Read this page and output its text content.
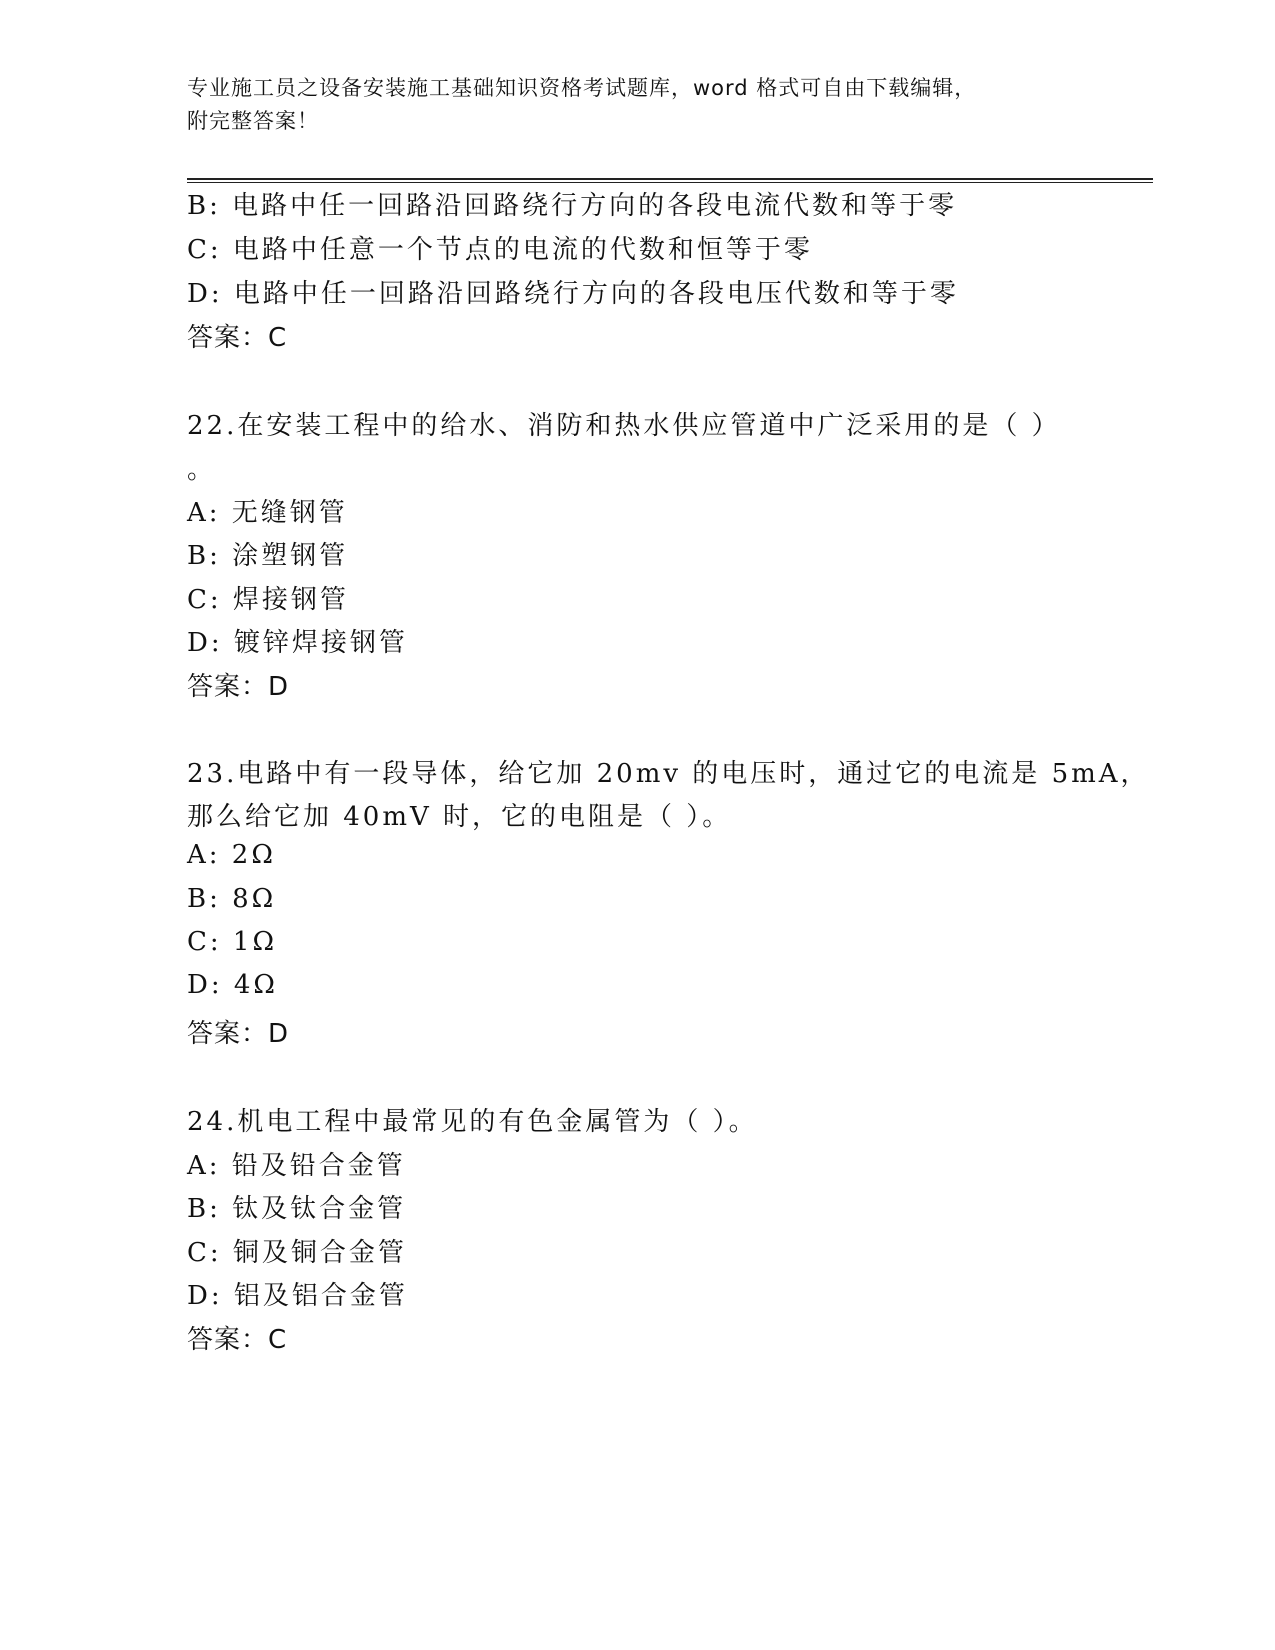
专业施工员之设备安装施工基础知识资格考试题库，word 格式可自由下载编辑，
附完整答案！
B: 电路中任一回路沿回路绕行方向的各段电流代数和等于零
C: 电路中任意一个节点的电流的代数和恒等于零
D: 电路中任一回路沿回路绕行方向的各段电压代数和等于零
答案：C
22.在安装工程中的给水、消防和热水供应管道中广泛采用的是（ ）
。
A: 无缝钢管
B: 涂塑钢管
C: 焊接钢管
D: 镀锌焊接钢管
答案：D
23.电路中有一段导体，给它加 20mv 的电压时，通过它的电流是 5mA，
那么给它加 40mV 时，它的电阻是（ ）。
A: 2Ω
B: 8Ω
C: 1Ω
D: 4Ω
答案：D
24.机电工程中最常见的有色金属管为（ ）。
A: 铅及铅合金管
B: 钛及钛合金管
C: 铜及铜合金管
D: 铝及铝合金管
答案：C
